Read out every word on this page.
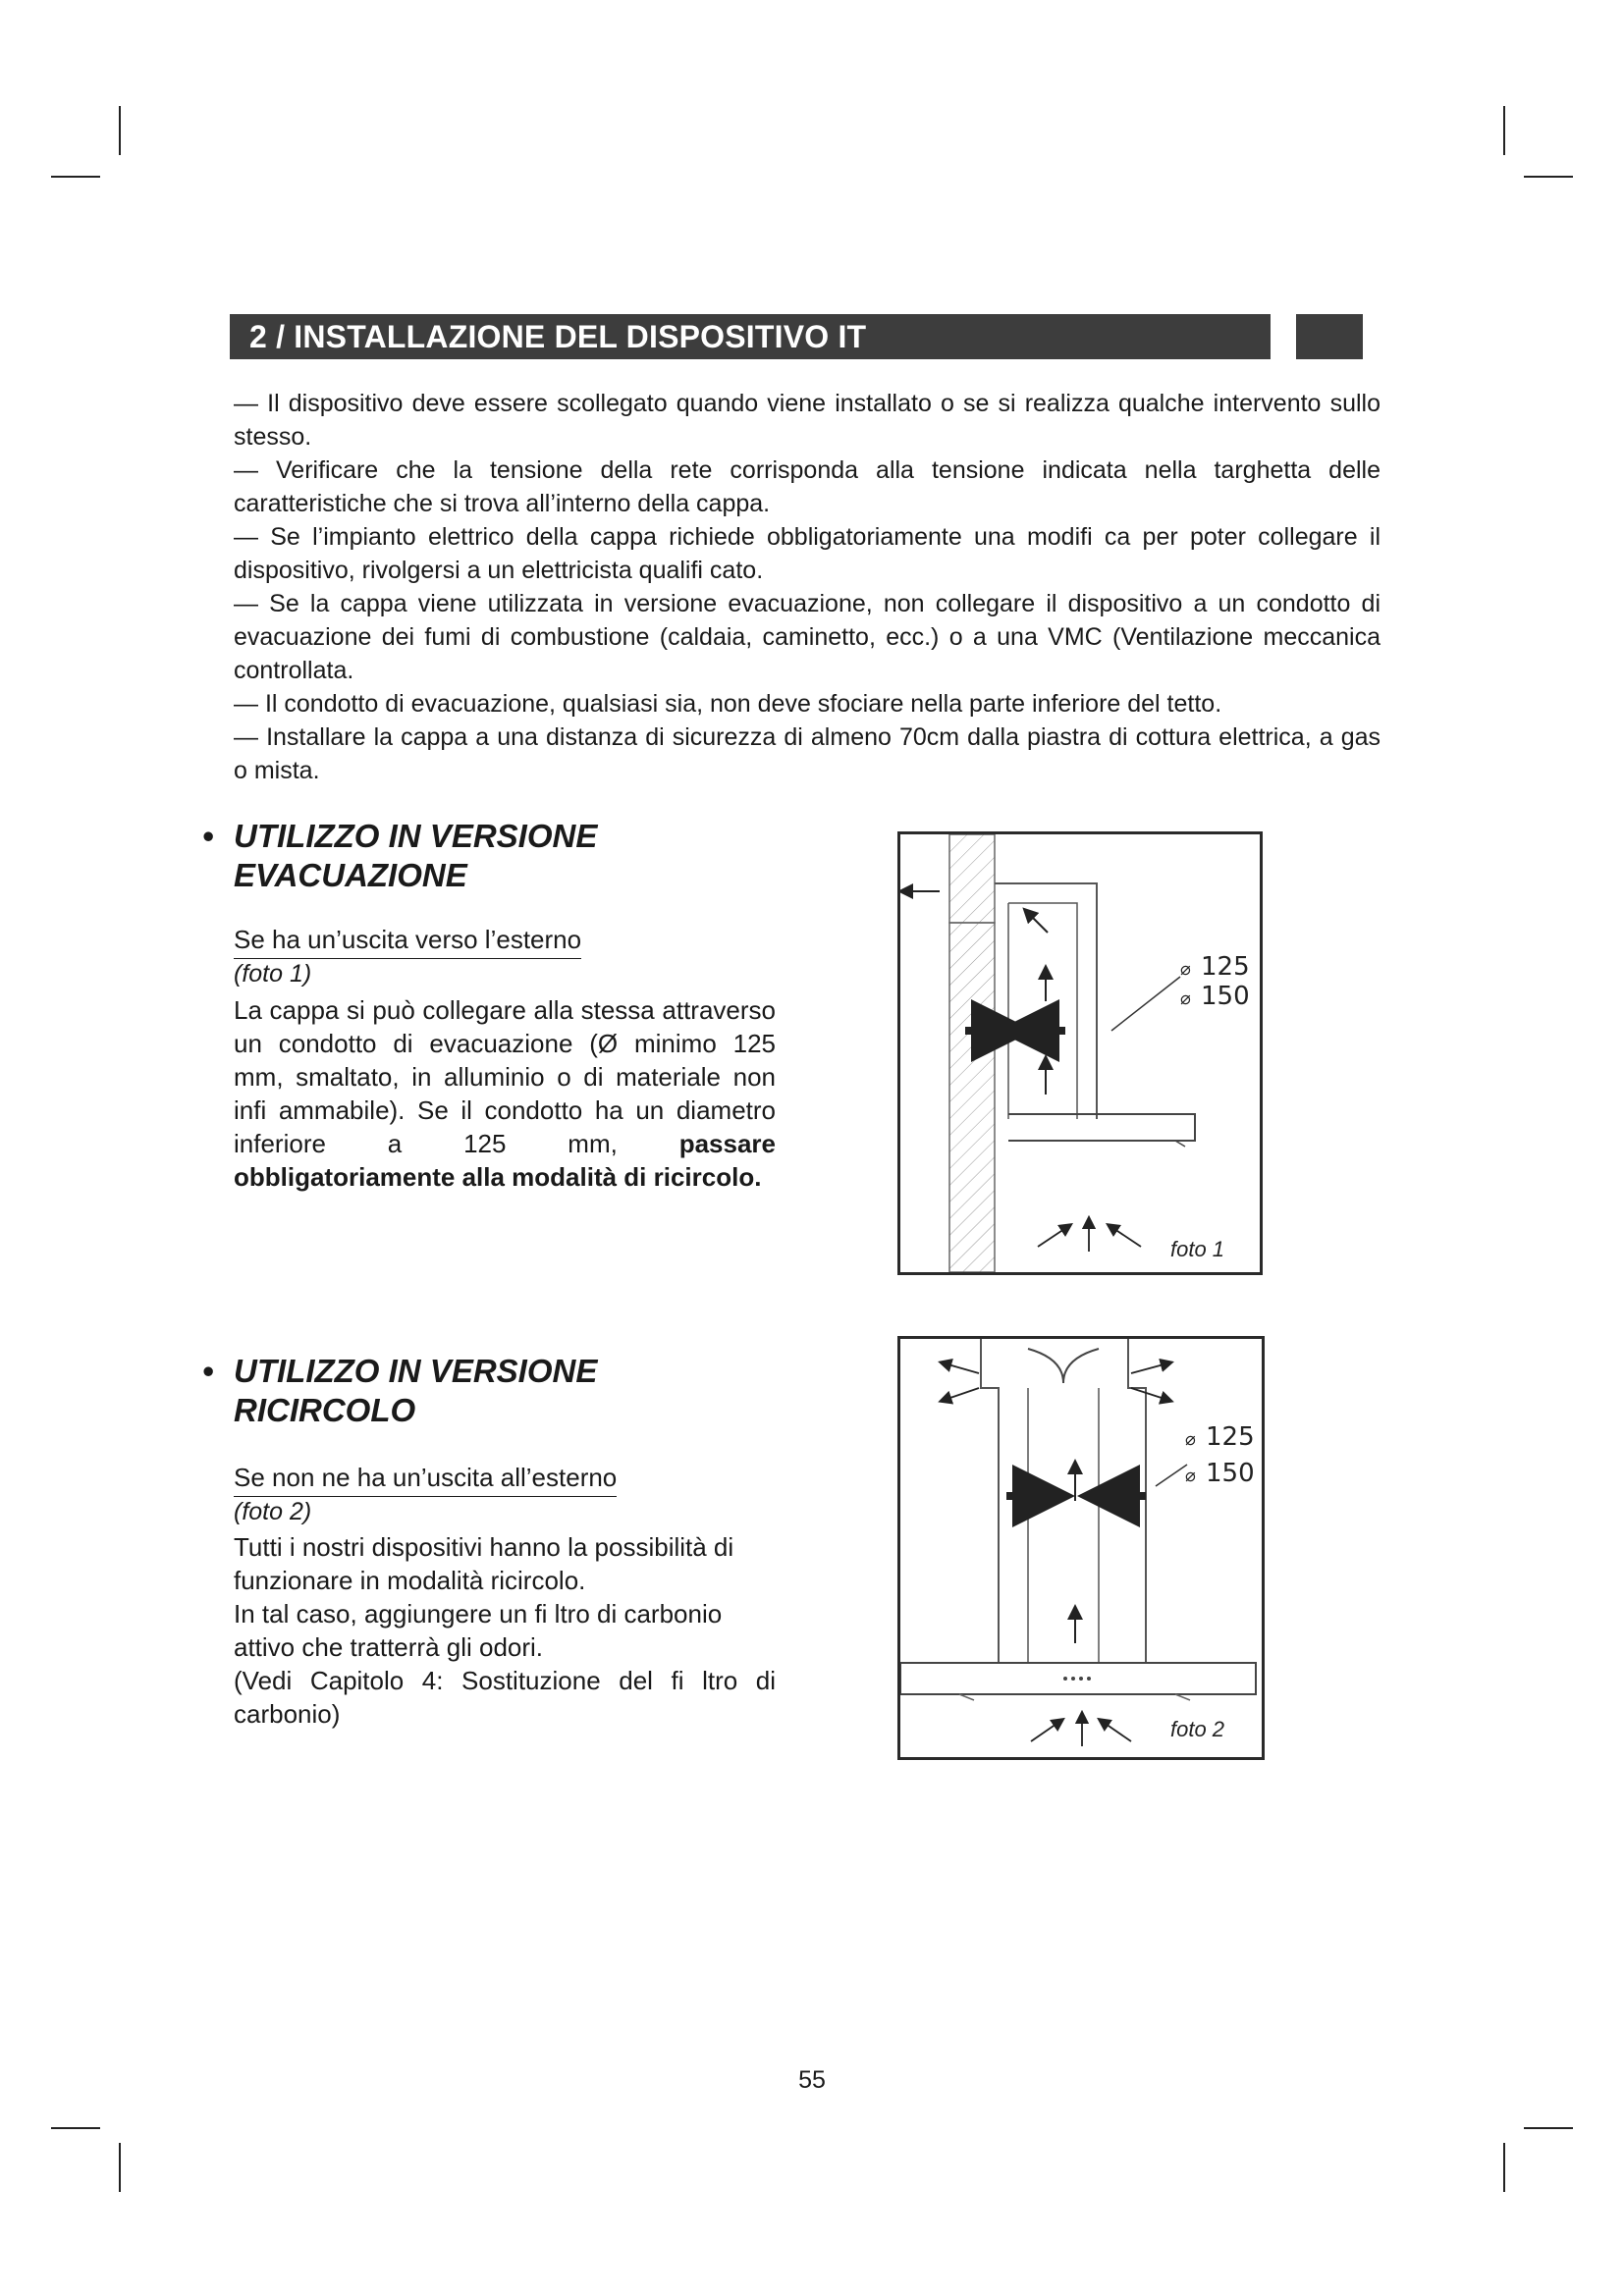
2 / INSTALLAZIONE DEL DISPOSITIVO IT

— Il dispositivo deve essere scollegato quando viene installato o se si realizza qualche intervento sullo stesso.

— Verificare che la tensione della rete corrisponda alla tensione indicata nella targhetta delle caratteristiche che si trova all’interno della cappa.

— Se l’impianto elettrico della cappa richiede obbligatoriamente una modifi ca per poter collegare il dispositivo, rivolgersi a un elettricista qualifi cato.

— Se la cappa viene utilizzata in versione evacuazione, non collegare il dispositivo a un condotto di evacuazione dei fumi di combustione (caldaia, caminetto, ecc.) o a una VMC (Ventilazione meccanica controllata.

— Il condotto di evacuazione, qualsiasi sia, non deve sfociare nella parte inferiore del tetto.

— Installare la cappa a una distanza di sicurezza di almeno 70cm dalla piastra di cottura elettrica, a gas o mista.

• UTILIZZO IN VERSIONE
EVACUAZIONE
Se ha un’uscita verso l’esterno
(foto 1)
La cappa si può collegare alla stessa attraverso un condotto di evacuazione (Ø minimo 125 mm, smaltato, in alluminio o di materiale non infi ammabile). Se il condotto ha un diametro inferiore a 125 mm, passare obbligatoriamente alla modalità di ricircolo.
⌀ 125
⌀ 150
foto 1
• UTILIZZO IN VERSIONE
RICIRCOLO
Se non ne ha un’uscita all’esterno
(foto 2)

Tutti i nostri dispositivi hanno la possibilità di funzionare in modalità ricircolo.

In tal caso, aggiungere un fi ltro di carbonio attivo che tratterrà gli odori.

(Vedi Capitolo 4: Sostituzione del fi ltro di carbonio)

⌀ 125
⌀ 150
foto 2
55
